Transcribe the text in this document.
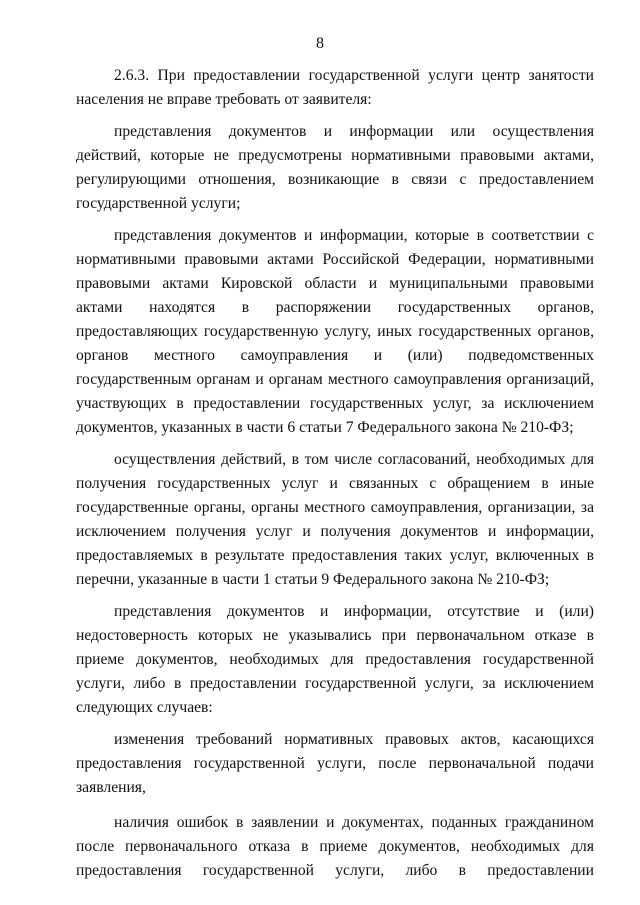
8

2.6.3. При предоставлении государственной услуги центр занятости населения не вправе требовать от заявителя:

представления документов и информации или осуществления действий, которые не предусмотрены нормативными правовыми актами, регулирующими отношения, возникающие в связи с предоставлением государственной услуги;

представления документов и информации, которые в соответствии с нормативными правовыми актами Российской Федерации, нормативными правовыми актами Кировской области и муниципальными правовыми актами находятся в распоряжении государственных органов, предоставляющих государственную услугу, иных государственных органов, органов местного самоуправления и (или) подведомственных государственным органам и органам местного самоуправления организаций, участвующих в предоставлении государственных услуг, за исключением документов, указанных в части 6 статьи 7 Федерального закона № 210-ФЗ;

осуществления действий, в том числе согласований, необходимых для получения государственных услуг и связанных с обращением в иные государственные органы, органы местного самоуправления, организации, за исключением получения услуг и получения документов и информации, предоставляемых в результате предоставления таких услуг, включенных в перечни, указанные в части 1 статьи 9 Федерального закона № 210-ФЗ;

представления документов и информации, отсутствие и (или) недостоверность которых не указывались при первоначальном отказе в приеме документов, необходимых для предоставления государственной услуги, либо в предоставлении государственной услуги, за исключением следующих случаев:

изменения требований нормативных правовых актов, касающихся предоставления государственной услуги, после первоначальной подачи заявления,

наличия ошибок в заявлении и документах, поданных гражданином после первоначального отказа в приеме документов, необходимых для предоставления государственной услуги, либо в предоставлении
